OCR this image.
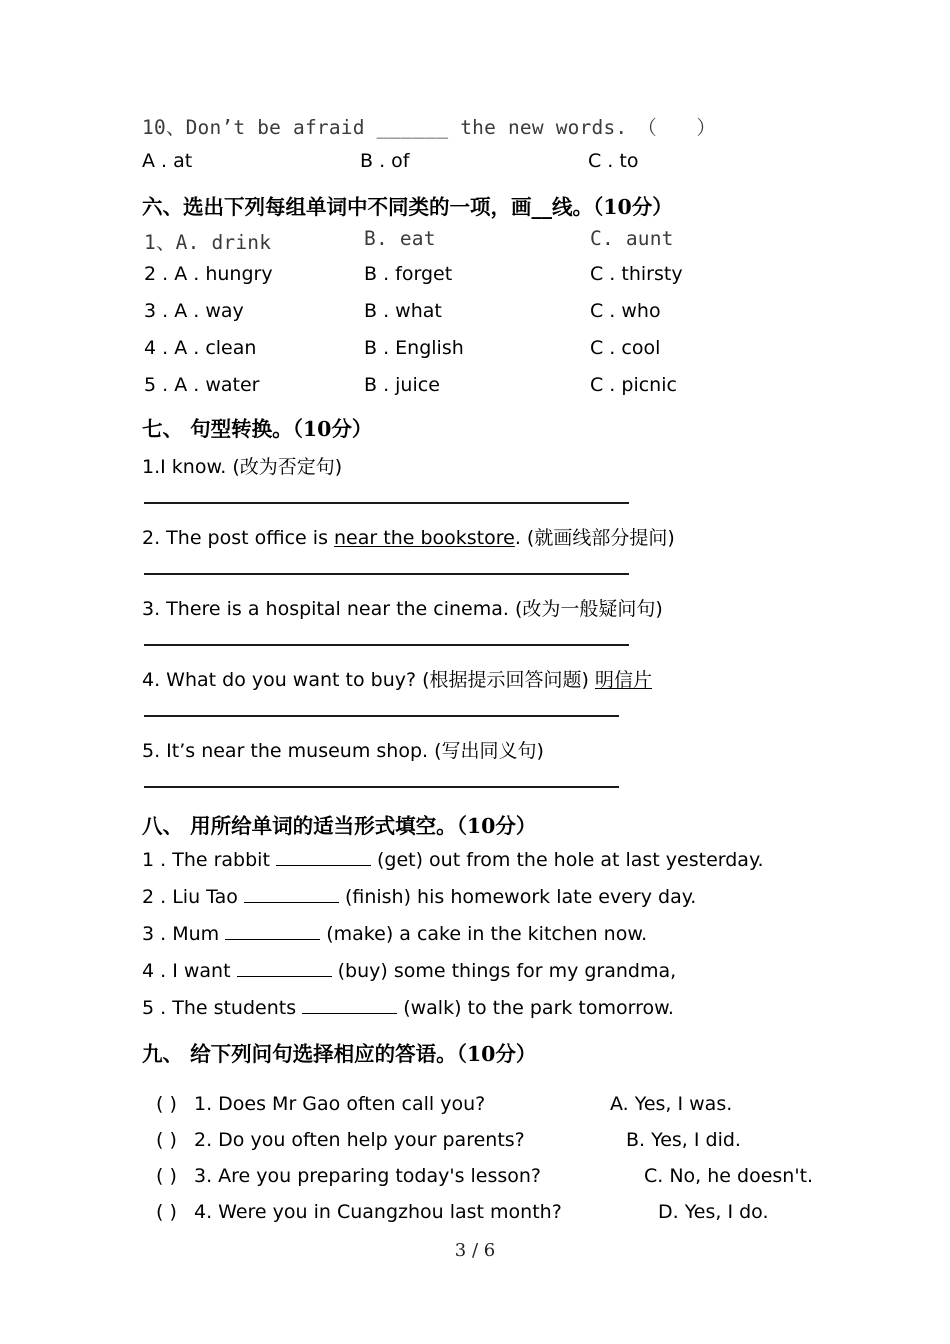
10、Don’t be afraid ______ the new words.　（　　）
A . at	B . of	C . to
六、选出下列每组单词中不同类的一项，画__线。（10分）
1、A. drink	B. eat	C. aunt
2 . A . hungry	B . forget	C . thirsty
3 . A . way	B . what	C . who
4 . A . clean	B . English	C . cool
5 . A . water	B . juice	C . picnic
七、 句型转换。（10分）
1.I know. (改为否定句)
2. The post office is near the bookstore. (就画线部分提问)
3. There is a hospital near the cinema. (改为一般疑问句)
4. What do you want to buy? (根据提示回答问题) 明信片
5. It’s near the museum shop. (写出同义句)
八、 用所给单词的适当形式填空。（10分）
1 . The rabbit	(get) out from the hole at last yesterday.
2 . Liu Tao	(finish) his homework late every day.
3 . Mum	(make) a cake in the kitchen now.
4 . I want	(buy) some things for my grandma,
5 . The students	(walk) to the park tomorrow.
九、 给下列问句选择相应的答语。（10分）
( ) 1. Does Mr Gao often call you?	A. Yes, I was.
( ) 2. Do you often help your parents?	B. Yes, I did.
( ) 3. Are you preparing today's lesson?	C. No, he doesn't.
( ) 4. Were you in Cuangzhou last month?	D. Yes, I do.
3 / 6
